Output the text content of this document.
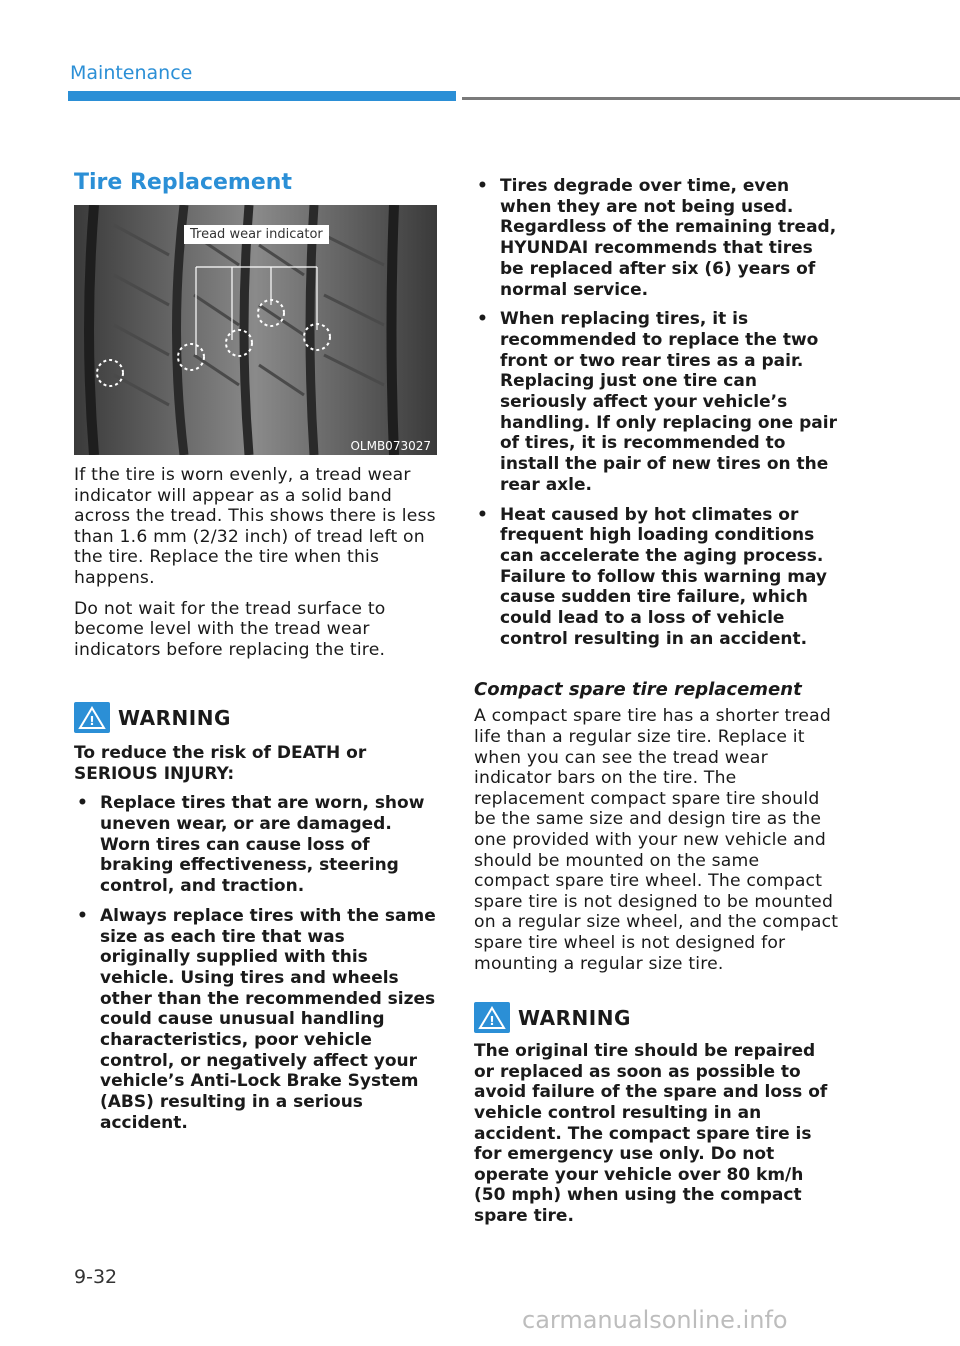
Maintenance
Tire Replacement
Tread wear indicator
OLMB073027

If the tire is worn evenly, a tread wear indicator will appear as a solid band across the tread. This shows there is less than 1.6 mm (2/32 inch) of tread left on the tire. Replace the tire when this happens.

Do not wait for the tread surface to become level with the tread wear indicators before replacing the tire.

! WARNING
To reduce the risk of DEATH or SERIOUS INJURY:
• Replace tires that are worn, show uneven wear, or are damaged. Worn tires can cause loss of braking effectiveness, steering control, and traction.
• Always replace tires with the same size as each tire that was originally supplied with this vehicle. Using tires and wheels other than the recommended sizes could cause unusual handling characteristics, poor vehicle control, or negatively affect your vehicle’s Anti-Lock Brake System (ABS) resulting in a serious accident.
• Tires degrade over time, even when they are not being used. Regardless of the remaining tread, HYUNDAI recommends that tires be replaced after six (6) years of normal service.
• When replacing tires, it is recommended to replace the two front or two rear tires as a pair. Replacing just one tire can seriously affect your vehicle’s handling. If only replacing one pair of tires, it is recommended to install the pair of new tires on the rear axle.
• Heat caused by hot climates or frequent high loading conditions can accelerate the aging process. Failure to follow this warning may cause sudden tire failure, which could lead to a loss of vehicle control resulting in an accident.
Compact spare tire replacement

A compact spare tire has a shorter tread life than a regular size tire. Replace it when you can see the tread wear indicator bars on the tire. The replacement compact spare tire should be the same size and design tire as the one provided with your new vehicle and should be mounted on the same compact spare tire wheel. The compact spare tire is not designed to be mounted on a regular size wheel, and the compact spare tire wheel is not designed for mounting a regular size tire.

! WARNING
The original tire should be repaired or replaced as soon as possible to avoid failure of the spare and loss of vehicle control resulting in an accident. The compact spare tire is for emergency use only. Do not operate your vehicle over 80 km/h (50 mph) when using the compact spare tire.
9-32
carmanualsonline.info
